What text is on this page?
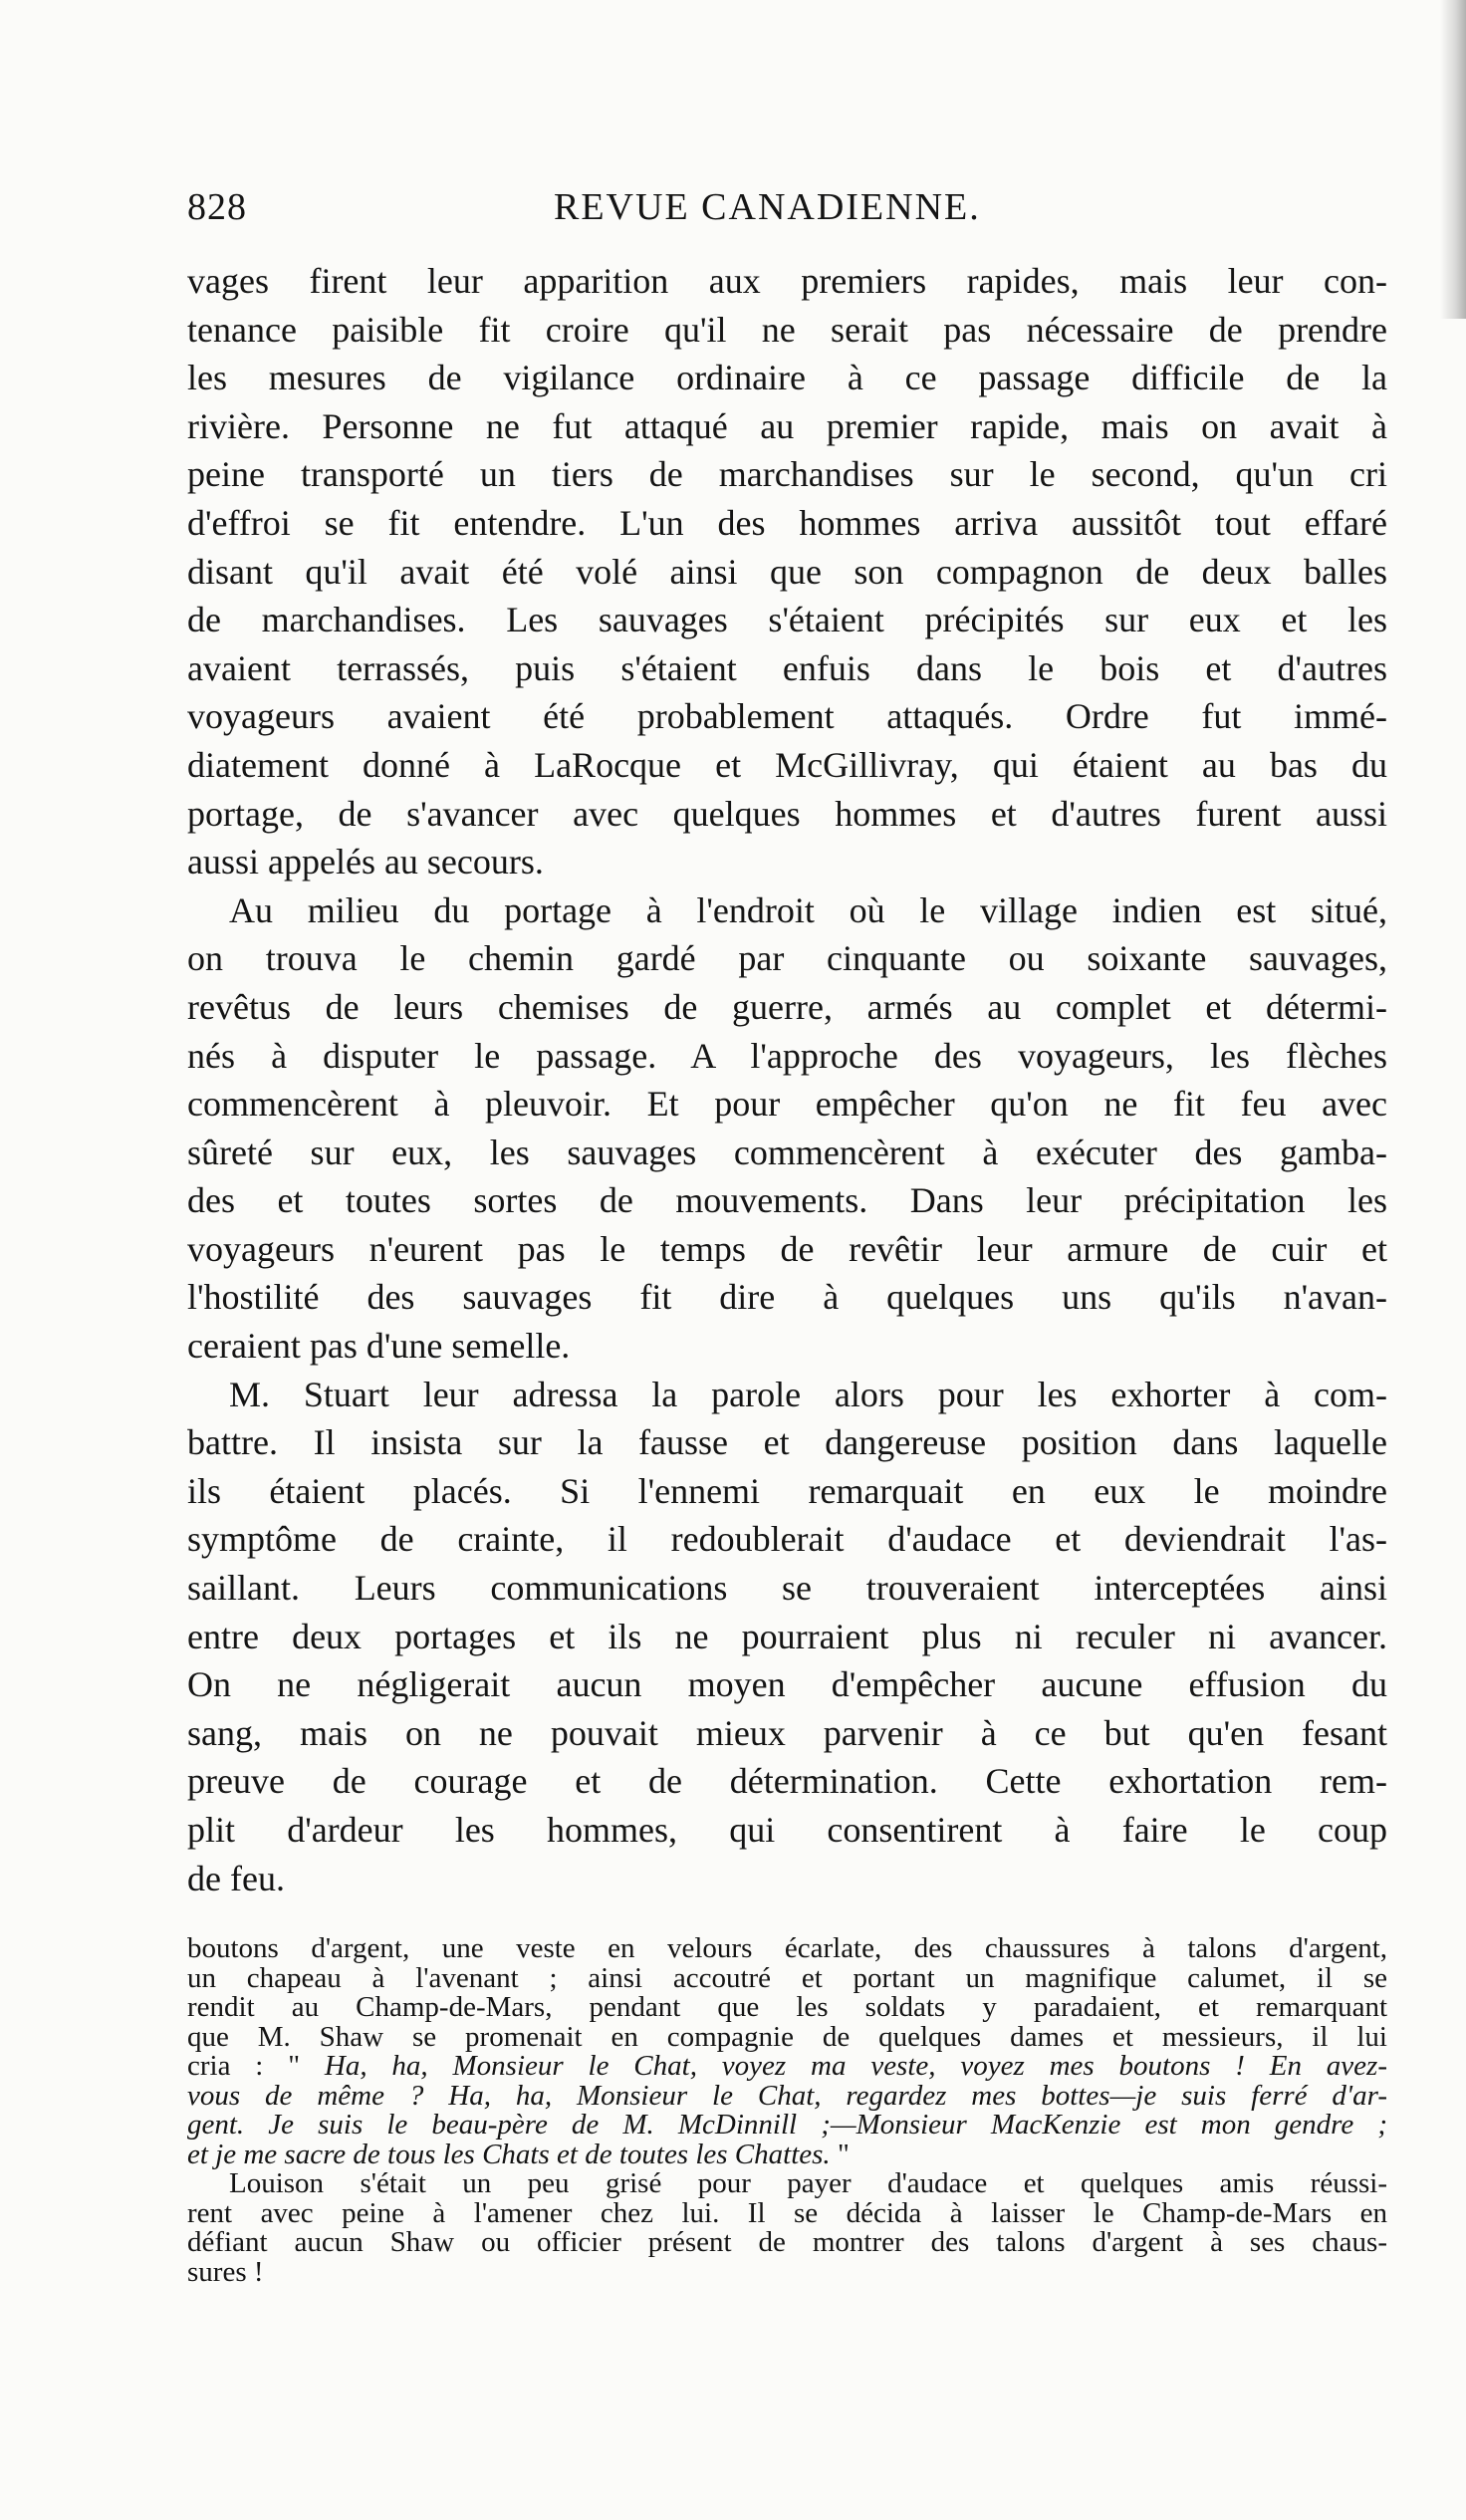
828	REVUE CANADIENNE.
vages firent leur apparition aux premiers rapides, mais leur con-
tenance paisible fit croire qu'il ne serait pas nécessaire de prendre
les mesures de vigilance ordinaire à ce passage difficile de la
rivière. Personne ne fut attaqué au premier rapide, mais on avait à
peine transporté un tiers de marchandises sur le second, qu'un cri
d'effroi se fit entendre. L'un des hommes arriva aussitôt tout effaré
disant qu'il avait été volé ainsi que son compagnon de deux balles
de marchandises. Les sauvages s'étaient précipités sur eux et les
avaient terrassés, puis s'étaient enfuis dans le bois et d'autres
voyageurs avaient été probablement attaqués. Ordre fut immé-
diatement donné à LaRocque et McGillivray, qui étaient au bas du
portage, de s'avancer avec quelques hommes et d'autres furent aussi
aussi appelés au secours.
Au milieu du portage à l'endroit où le village indien est situé,
on trouva le chemin gardé par cinquante ou soixante sauvages,
revêtus de leurs chemises de guerre, armés au complet et détermi-
nés à disputer le passage. A l'approche des voyageurs, les flèches
commencèrent à pleuvoir. Et pour empêcher qu'on ne fit feu avec
sûreté sur eux, les sauvages commencèrent à exécuter des gamba-
des et toutes sortes de mouvements. Dans leur précipitation les
voyageurs n'eurent pas le temps de revêtir leur armure de cuir et
l'hostilité des sauvages fit dire à quelques uns qu'ils n'avan-
ceraient pas d'une semelle.
M. Stuart leur adressa la parole alors pour les exhorter à com-
battre. Il insista sur la fausse et dangereuse position dans laquelle
ils étaient placés. Si l'ennemi remarquait en eux le moindre
symptôme de crainte, il redoublerait d'audace et deviendrait l'as-
saillant. Leurs communications se trouveraient interceptées ainsi
entre deux portages et ils ne pourraient plus ni reculer ni avancer.
On ne négligerait aucun moyen d'empêcher aucune effusion du
sang, mais on ne pouvait mieux parvenir à ce but qu'en fesant
preuve de courage et de détermination. Cette exhortation rem-
plit d'ardeur les hommes, qui consentirent à faire le coup
de feu.
boutons d'argent, une veste en velours écarlate, des chaussures à talons d'argent,
un chapeau à l'avenant ; ainsi accoutré et portant un magnifique calumet, il se
rendit au Champ-de-Mars, pendant que les soldats y paradaient, et remarquant
que M. Shaw se promenait en compagnie de quelques dames et messieurs, il lui
cria : " Ha, ha, Monsieur le Chat, voyez ma veste, voyez mes boutons ! En avez-
vous de même ? Ha, ha, Monsieur le Chat, regardez mes bottes—je suis ferré d'ar-
gent. Je suis le beau-père de M. McDinnill ;—Monsieur MacKenzie est mon gendre ;
et je me sacre de tous les Chats et de toutes les Chattes. "
Louison s'était un peu grisé pour payer d'audace et quelques amis réussi-
rent avec peine à l'amener chez lui. Il se décida à laisser le Champ-de-Mars en
défiant aucun Shaw ou officier présent de montrer des talons d'argent à ses chaus-
sures !
